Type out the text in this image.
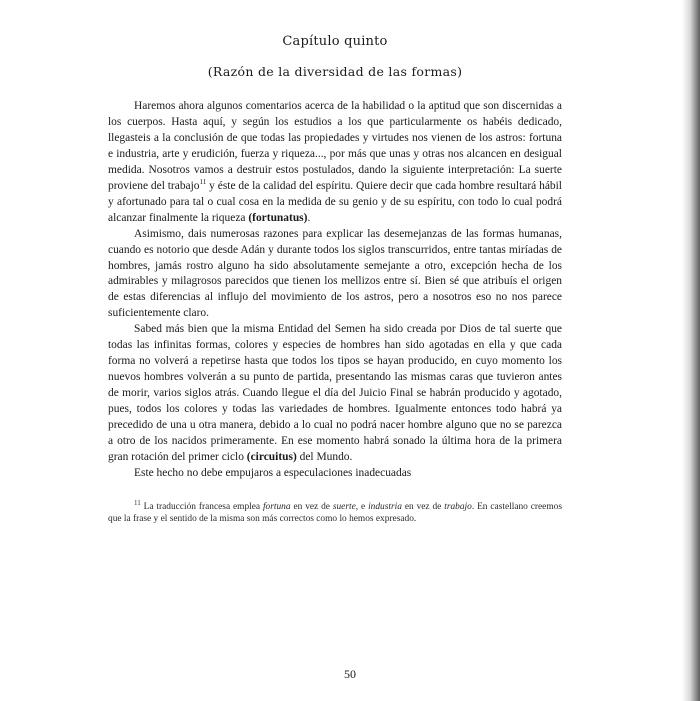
Capítulo quinto
(Razón de la diversidad de las formas)

Haremos ahora algunos comentarios acerca de la habilidad o la aptitud que son discernidas a los cuerpos. Hasta aquí, y según los estudios a los que particularmente os habéis dedicado, llegasteis a la conclusión de que todas las propiedades y virtudes nos vienen de los astros: fortuna e industria, arte y erudición, fuerza y riqueza..., por más que unas y otras nos alcancen en desigual medida. Nosotros vamos a destruir estos postulados, dando la siguiente interpretación: La suerte proviene del trabajo$^{11}$ y éste de la calidad del espíritu. Quiere decir que cada hombre resultará hábil y afortunado para tal o cual cosa en la medida de su genio y de su espíritu, con todo lo cual podrá alcanzar finalmente la riqueza (fortunatus).

Asimismo, dais numerosas razones para explicar las desemejanzas de las formas humanas, cuando es notorio que desde Adán y durante todos los siglos transcurridos, entre tantas miríadas de hombres, jamás rostro alguno ha sido absolutamente semejante a otro, excepción hecha de los admirables y milagrosos parecidos que tienen los mellizos entre sí. Bien sé que atribuís el origen de estas diferencias al influjo del movimiento de los astros, pero a nosotros eso no nos parece suficientemente claro.

Sabed más bien que la misma Entidad del Semen ha sido creada por Dios de tal suerte que todas las infinitas formas, colores y especies de hombres han sido agotadas en ella y que cada forma no volverá a repetirse hasta que todos los tipos se hayan producido, en cuyo momento los nuevos hombres volverán a su punto de partida, presentando las mismas caras que tuvieron antes de morir, varios siglos atrás. Cuando llegue el día del Juicio Final se habrán producido y agotado, pues, todos los colores y todas las variedades de hombres. Igualmente entonces todo habrá ya precedido de una u otra manera, debido a lo cual no podrá nacer hombre alguno que no se parezca a otro de los nacidos primeramente. En ese momento habrá sonado la última hora de la primera gran rotación del primer ciclo (circuitus) del Mundo.

Este hecho no debe empujaros a especulaciones inadecuadas

$^{11}$ La traducción francesa emplea fortuna en vez de suerte, e industria en vez de trabajo. En castellano creemos que la frase y el sentido de la misma son más correctos como lo hemos expresado.

50
